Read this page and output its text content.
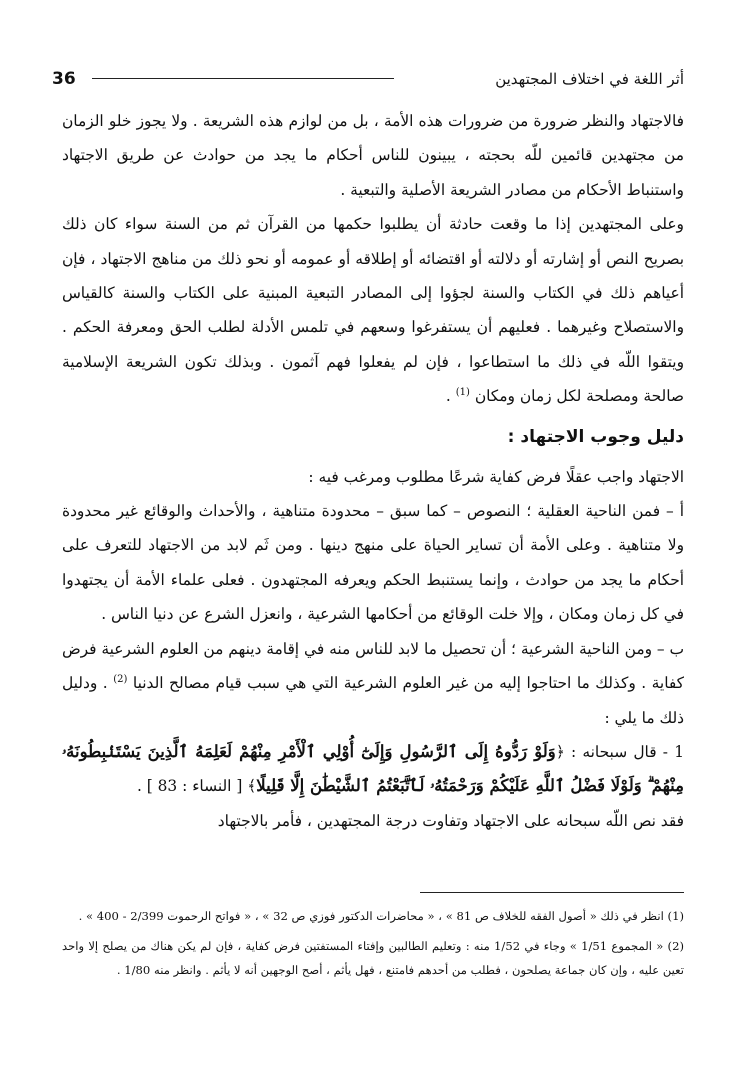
36	أثر اللغة في اختلاف المجتهدين

فالاجتهاد والنظر ضرورة من ضرورات هذه الأمة ، بل من لوازم هذه الشريعة . ولا يجوز خلو الزمان من مجتهدين قائمين للّه بحجته ، يبينون للناس أحكام ما يجد من حوادث عن طريق الاجتهاد واستنباط الأحكام من مصادر الشريعة الأصلية والتبعية .

وعلى المجتهدين إذا ما وقعت حادثة أن يطلبوا حكمها من القرآن ثم من السنة سواء كان ذلك بصريح النص أو إشارته أو دلالته أو اقتضائه أو إطلاقه أو عمومه أو نحو ذلك من مناهج الاجتهاد ، فإن أعياهم ذلك في الكتاب والسنة لجؤوا إلى المصادر التبعية المبنية على الكتاب والسنة كالقياس والاستصلاح وغيرهما . فعليهم أن يستفرغوا وسعهم في تلمس الأدلة لطلب الحق ومعرفة الحكم . ويتقوا اللّه في ذلك ما استطاعوا ، فإن لم يفعلوا فهم آثمون . وبذلك تكون الشريعة الإسلامية صالحة ومصلحة لكل زمان ومكان $^{(1)}$ .

دليل وجوب الاجتهاد :

الاجتهاد واجب عقلًا فرض كفاية شرعًا مطلوب ومرغب فيه :

أ – فمن الناحية العقلية ؛ النصوص – كما سبق – محدودة متناهية ، والأحداث والوقائع غير محدودة ولا متناهية . وعلى الأمة أن تساير الحياة على منهج دينها . ومن ثَم لابد من الاجتهاد للتعرف على أحكام ما يجد من حوادث ، وإنما يستنبط الحكم ويعرفه المجتهدون . فعلى علماء الأمة أن يجتهدوا في كل زمان ومكان ، وإلا خلت الوقائع من أحكامها الشرعية ، وانعزل الشرع عن دنيا الناس .

ب – ومن الناحية الشرعية ؛ أن تحصيل ما لابد للناس منه في إقامة دينهم من العلوم الشرعية فرض كفاية . وكذلك ما احتاجوا إليه من غير العلوم الشرعية التي هي سبب قيام مصالح الدنيا $^{(2)}$ . ودليل ذلك ما يلي :

1 - قال سبحانه : ﴿وَلَوْ رَدُّوهُ إِلَى ٱلرَّسُولِ وَإِلَىٰٓ أُوْلِي ٱلْأَمْرِ مِنْهُمْ لَعَلِمَهُ ٱلَّذِينَ يَسْتَنۢبِطُونَهُۥ مِنْهُمْ ۗ وَلَوْلَا فَضْلُ ٱللَّهِ عَلَيْكُمْ وَرَحْمَتُهُۥ لَٱتَّبَعْتُمُ ٱلشَّيْطَٰنَ إِلَّا قَلِيلًا﴾ [ النساء : 83 ] .

فقد نص اللّه سبحانه على الاجتهاد وتفاوت درجة المجتهدين ، فأمر بالاجتهاد

(1) انظر في ذلك « أصول الفقه للخلاف ص 81 » ، « محاضرات الدكتور فوزي ص 32 » ، « فواتح الرحموت 2/399 - 400 » .

(2) « المجموع 1/51 » وجاء في 1/52 منه : وتعليم الطالبين وإفتاء المستفتين فرض كفاية ، فإن لم يكن هناك من يصلح إلا واحد تعين عليه ، وإن كان جماعة يصلحون ، فطلب من أحدهم فامتنع ، فهل يأثم ، أصح الوجهين أنه لا يأثم . وانظر منه 1/80 .
